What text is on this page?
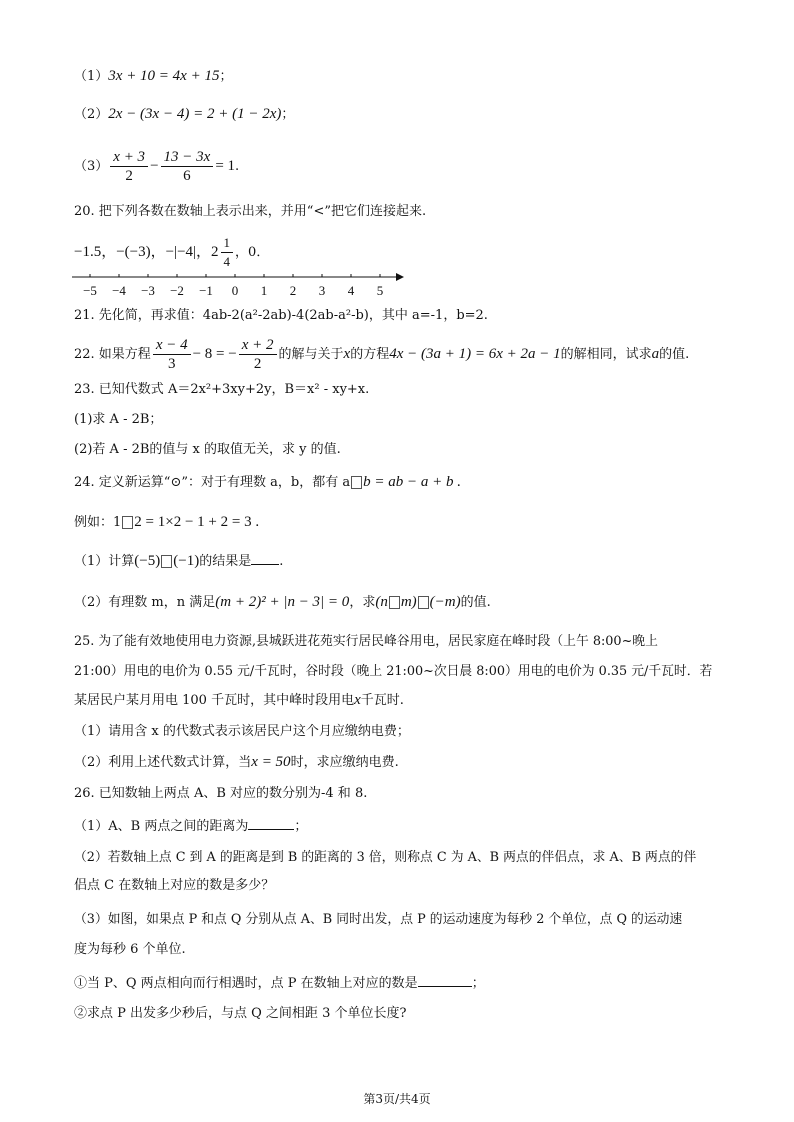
（1）3x + 10 = 4x + 15；
（2）2x − (3x − 4) = 2 + (1 − 2x)；
$(3) \frac{x + 3}{2} - \frac{13 - 3x}{6} = 1$.
20. 把下列各数在数轴上表示出来，并用“<”把它们连接起来.
−1.5，−(−3)，−|−4|，$2 \frac{1}{4}$ ，0．
−5 −4 −3 −2 −1 0 1 2 3 4 5
21. 先化简，再求值：4ab-2(a²-2ab)-4(2ab-a²-b)，其中 a=-1，b=2.
22. 如果方程 $\frac{x - 4}{3} - 8$ = − $\frac{x + 2}{2}$ 的解与关于x的方程4x − (3a + 1) = 6x + 2a − 1的解相同，试求a的值.
23. 已知代数式 A＝2x²+3xy+2y，B＝x² - xy+x.
(1)求 A - 2B；
(2)若 A - 2B的值与 x 的取值无关，求 y 的值.
24. 定义新运算“⊙”：对于有理数 a，b，都有 a b = ab − a + b .
例如：1 2 = 1×2 − 1 + 2 = 3 .
（1）计算(−5) (−1)的结果是 .
（2）有理数 m，n 满足(m + 2)² + |n − 3| = 0，求(n m) (−m)的值.
25. 为了能有效地使用电力资源,县城跃进花苑实行居民峰谷用电，居民家庭在峰时段（上午 8:00~晚上
21:00）用电的电价为 0.55 元/千瓦时，谷时段（晚上 21:00~次日晨 8:00）用电的电价为 0.35 元/千瓦时．若
某居民户某月用电 100 千瓦时，其中峰时段用电x千瓦时.
（1）请用含 x 的代数式表示该居民户这个月应缴纳电费；
（2）利用上述代数式计算，当x = 50时，求应缴纳电费.
26. 已知数轴上两点 A、B 对应的数分别为-4 和 8.
（1）A、B 两点之间的距离为	；
（2）若数轴上点 C 到 A 的距离是到 B 的距离的 3 倍，则称点 C 为 A、B 两点的伴侣点，求 A、B 两点的伴
侣点 C 在数轴上对应的数是多少？
（3）如图，如果点 P 和点 Q 分别从点 A、B 同时出发，点 P 的运动速度为每秒 2 个单位，点 Q 的运动速
度为每秒 6 个单位.
①当 P、Q 两点相向而行相遇时，点 P 在数轴上对应的数是	；
②求点 P 出发多少秒后，与点 Q 之间相距 3 个单位长度?
第3页/共4页
